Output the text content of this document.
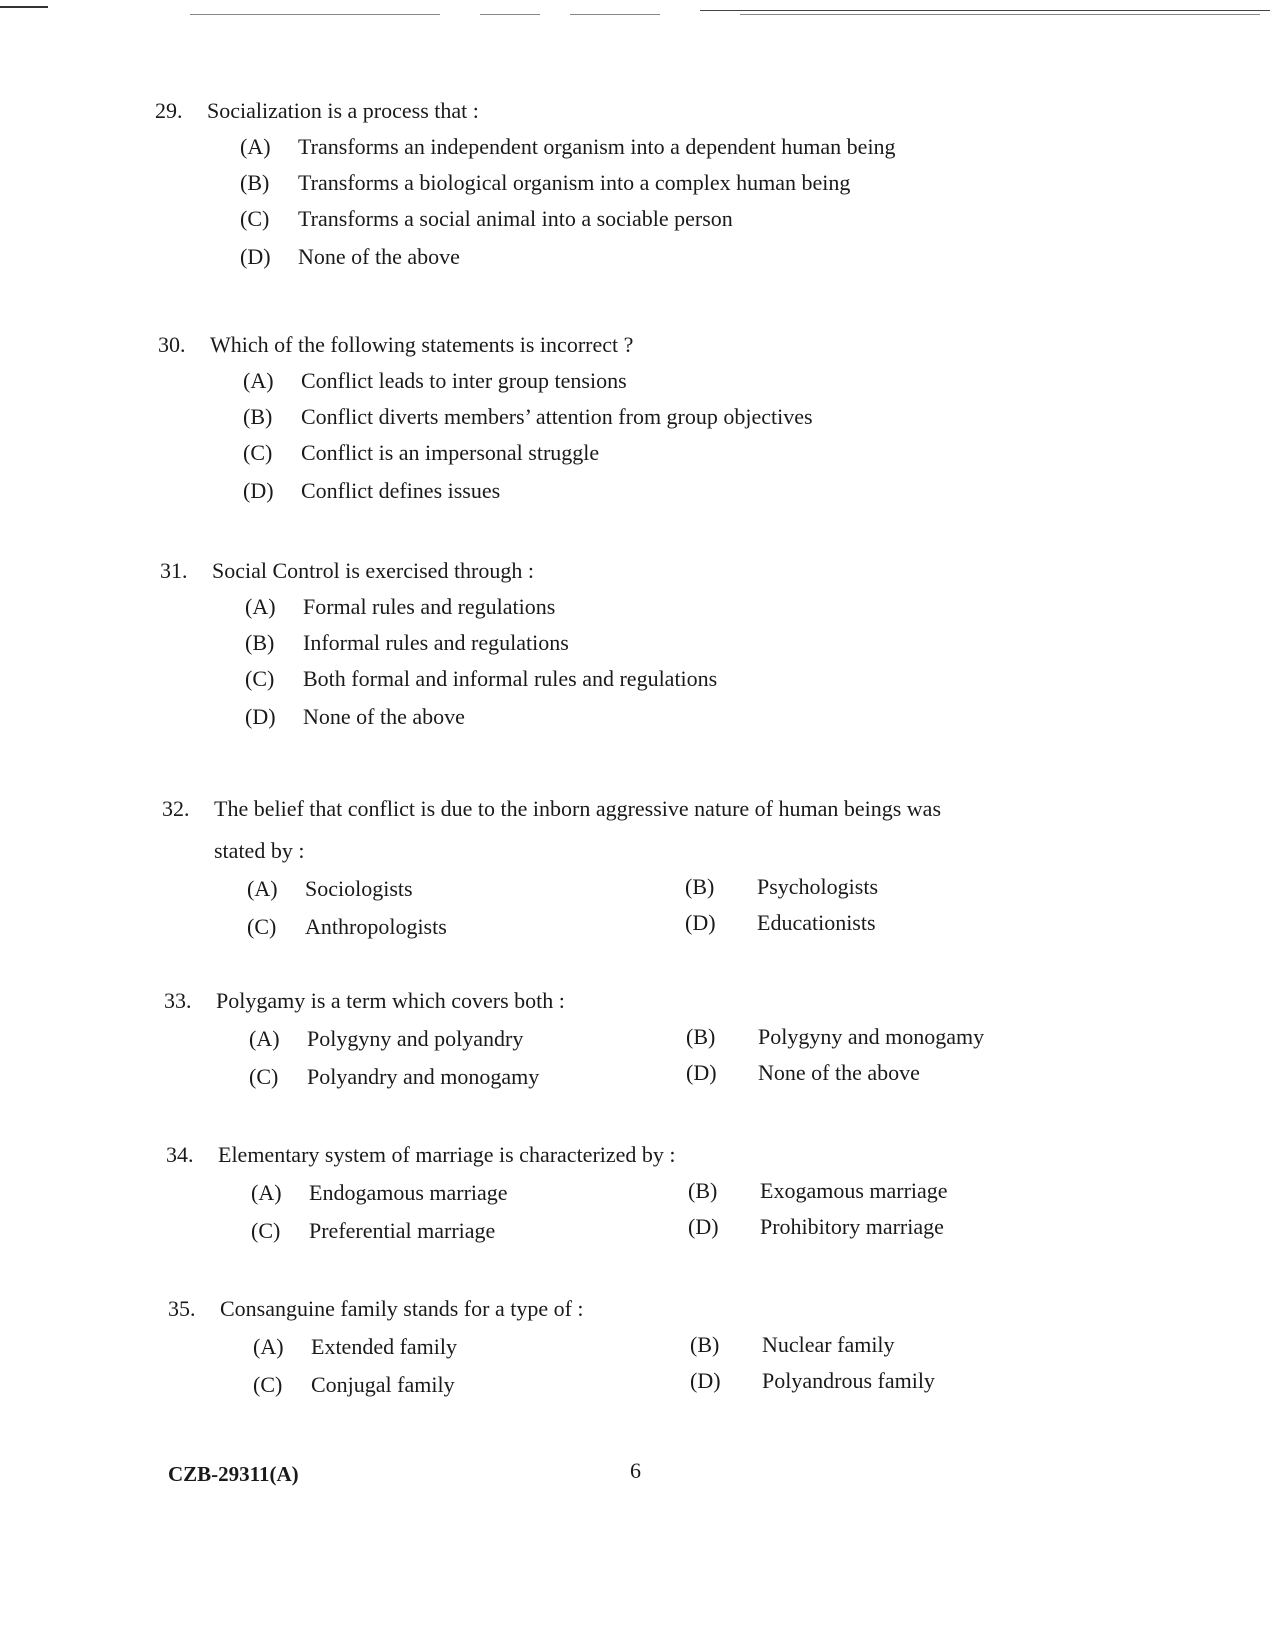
29.	Socialization is a process that :
(A) Transforms an independent organism into a dependent human being
(B) Transforms a biological organism into a complex human being
(C) Transforms a social animal into a sociable person
(D) None of the above
30.	Which of the following statements is incorrect ?
(A) Conflict leads to inter group tensions
(B) Conflict diverts members’ attention from group objectives
(C) Conflict is an impersonal struggle
(D) Conflict defines issues
31.	Social Control is exercised through :
(A) Formal rules and regulations
(B) Informal rules and regulations
(C) Both formal and informal rules and regulations
(D) None of the above
32.	The belief that conflict is due to the inborn aggressive nature of human beings was
stated by :
(A) Sociologists	(B) Psychologists
(C) Anthropologists	(D) Educationists
33.	Polygamy is a term which covers both :
(A) Polygyny and polyandry	(B) Polygyny and monogamy
(C) Polyandry and monogamy	(D) None of the above
34.	Elementary system of marriage is characterized by :
(A) Endogamous marriage	(B) Exogamous marriage
(C) Preferential marriage	(D) Prohibitory marriage
35.	Consanguine family stands for a type of :
(A) Extended family	(B) Nuclear family
(C) Conjugal family	(D) Polyandrous family
CZB-29311(A)	6
